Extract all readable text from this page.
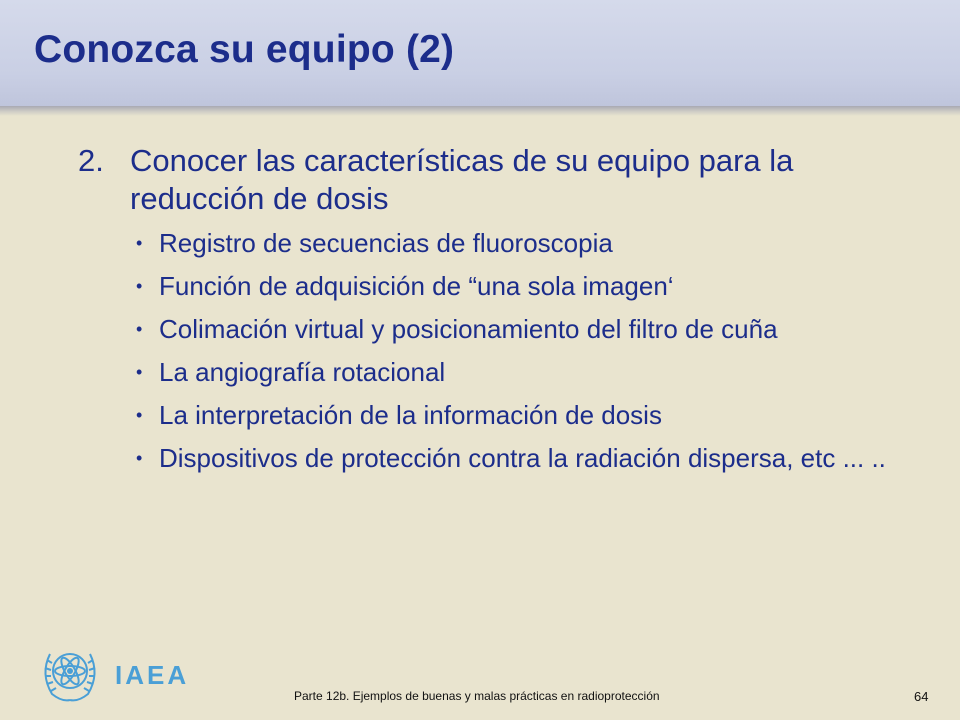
Conozca su equipo (2)
2. Conocer las características de su equipo para la reducción de dosis
• Registro de secuencias de fluoroscopia
• Función de adquisición de “una sola imagen‘
• Colimación virtual y posicionamiento del filtro de cuña
• La angiografía rotacional
• La interpretación de la información de dosis
• Dispositivos de protección contra la radiación dispersa, etc ... ..
IAEA
Parte 12b. Ejemplos de buenas y malas prácticas en radioprotección	64
